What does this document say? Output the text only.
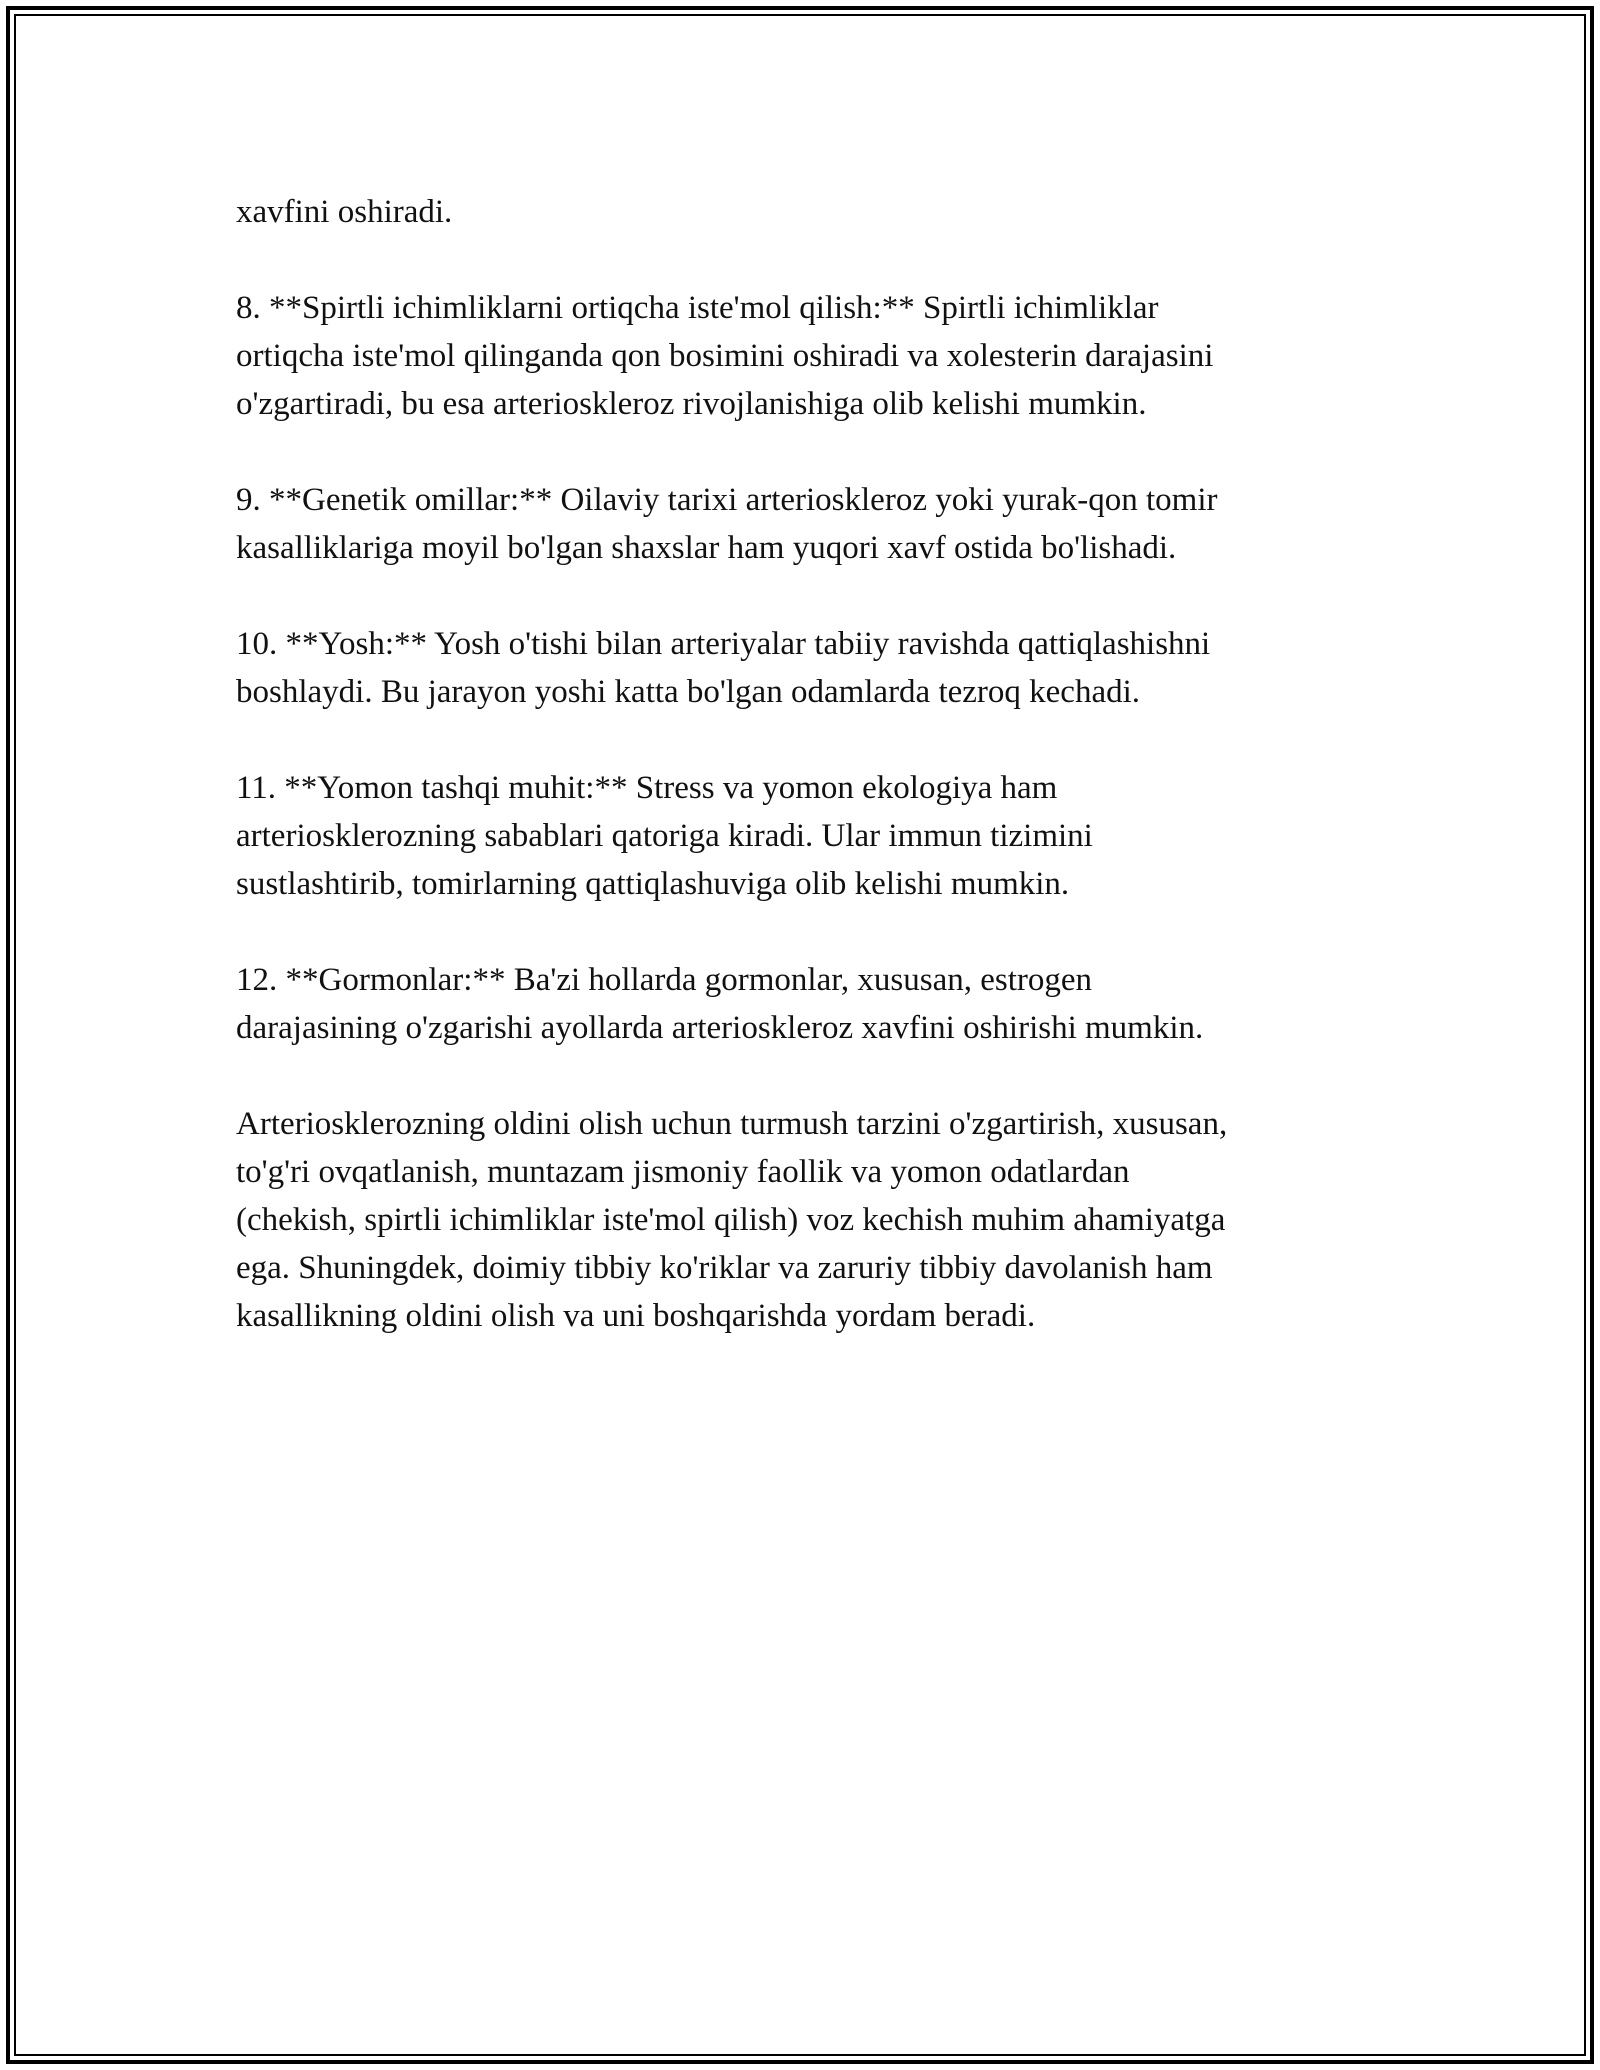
xavfini oshiradi.

8. **Spirtli ichimliklarni ortiqcha iste'mol qilish:** Spirtli ichimliklar
ortiqcha iste'mol qilinganda qon bosimini oshiradi va xolesterin darajasini
o'zgartiradi, bu esa arterioskleroz rivojlanishiga olib kelishi mumkin.

9. **Genetik omillar:** Oilaviy tarixi arterioskleroz yoki yurak-qon tomir
kasalliklariga moyil bo'lgan shaxslar ham yuqori xavf ostida bo'lishadi.

10. **Yosh:** Yosh o'tishi bilan arteriyalar tabiiy ravishda qattiqlashishni
boshlaydi. Bu jarayon yoshi katta bo'lgan odamlarda tezroq kechadi.

11. **Yomon tashqi muhit:** Stress va yomon ekologiya ham
arteriosklerozning sabablari qatoriga kiradi. Ular immun tizimini
sustlashtirib, tomirlarning qattiqlashuviga olib kelishi mumkin.

12. **Gormonlar:** Ba'zi hollarda gormonlar, xususan, estrogen
darajasining o'zgarishi ayollarda arterioskleroz xavfini oshirishi mumkin.

Arteriosklerozning oldini olish uchun turmush tarzini o'zgartirish, xususan,
to'g'ri ovqatlanish, muntazam jismoniy faollik va yomon odatlardan
(chekish, spirtli ichimliklar iste'mol qilish) voz kechish muhim ahamiyatga
ega. Shuningdek, doimiy tibbiy ko'riklar va zaruriy tibbiy davolanish ham
kasallikning oldini olish va uni boshqarishda yordam beradi.
